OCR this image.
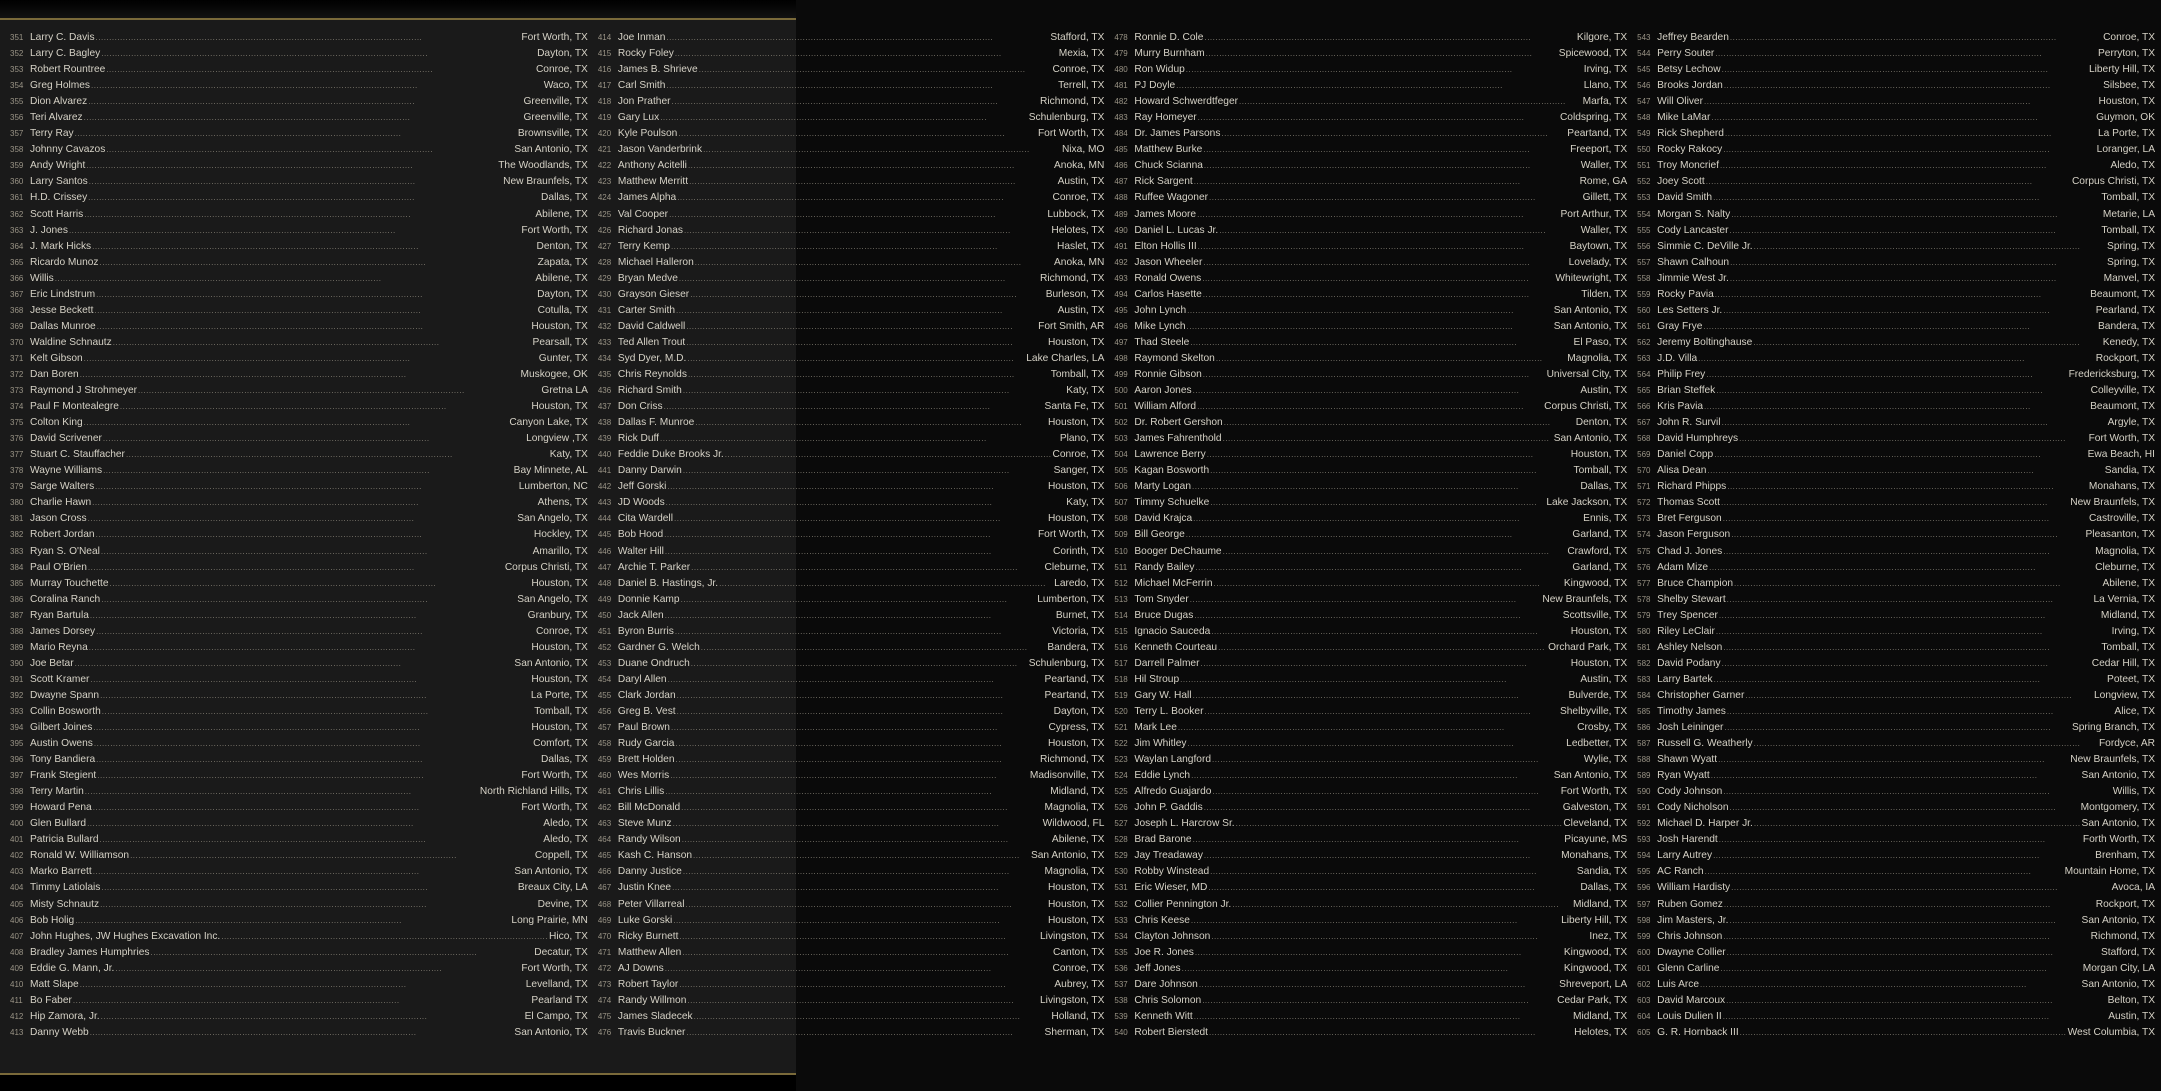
351 Larry C. Davis .....	Fort Worth, TX
352 Larry C. Bagley .....	Dayton, TX
353 Robert Rountree .....	Conroe, TX
354 Greg Holmes .....	Waco, TX
355 Dion Alvarez .....	Greenville, TX
356 Teri Alvarez .....	Greenville, TX
357 Terry Ray .....	Brownsville, TX
358 Johnny Cavazos .....	San Antonio, TX
359 Andy Wright .....	The Woodlands, TX
360 Larry Santos .....	New Braunfels, TX
361 H.D. Crissey .....	Dallas, TX
362 Scott Harris .....	Abilene, TX
363 J. Jones .....	Fort Worth, TX
364 J. Mark Hicks .....	Denton, TX
365 Ricardo Munoz .....	Zapata, TX
366 Willis .....	Abilene, TX
367 Eric Lindstrum .....	Dayton, TX
368 Jesse Beckett .....	Cotulla, TX
369 Dallas Munroe .....	Houston, TX
370 Waldine Schnautz .....	Pearsall, TX
371 Kelt Gibson .....	Gunter, TX
372 Dan Boren .....	Muskogee, OK
373 Raymond J Strohmeyer .....	Gretna LA
374 Paul F Montealegre .....	Houston, TX
375 Colton King .....	Canyon Lake, TX
376 David Scrivener .....	Longview ,TX
377 Stuart C. Stauffacher .....	Katy, TX
378 Wayne Williams .....	Bay Minnete, AL
379 Sarge Walters .....	Lumberton, NC
380 Charlie Hawn .....	Athens, TX
381 Jason Cross .....	San Angelo, TX
382 Robert Jordan .....	Hockley, TX
383 Ryan S. O'Neal .....	Amarillo, TX
384 Paul O'Brien .....	Corpus Christi, TX
385 Murray Touchette .....	Houston, TX
386 Coralina Ranch .....	San Angelo, TX
387 Ryan Bartula .....	Granbury, TX
388 James Dorsey .....	Conroe, TX
389 Mario Reyna .....	Houston, TX
390 Joe Betar .....	San Antonio, TX
391 Scott Kramer .....	Houston, TX
392 Dwayne Spann .....	La Porte, TX
393 Collin Bosworth .....	Tomball, TX
394 Gilbert Joines .....	Houston, TX
395 Austin Owens .....	Comfort, TX
396 Tony Bandiera .....	Dallas, TX
397 Frank Stegient .....	Fort Worth, TX
398 Terry Martin .....	North Richland Hills, TX
399 Howard Pena .....	Fort Worth, TX
400 Glen Bullard .....	Aledo, TX
401 Patricia Bullard .....	Aledo, TX
402 Ronald W. Williamson .....	Coppell, TX
403 Marko Barrett .....	San Antonio, TX
404 Timmy Latiolais .....	Breaux City, LA
405 Misty Schnautz .....	Devine, TX
406 Bob Holig .....	Long Prairie, MN
407 John Hughes, JW Hughes Excavation Inc. .....	Hico, TX
408 Bradley James Humphries .....	Decatur, TX
409 Eddie G. Mann, Jr. .....	Fort Worth, TX
410 Matt Slape .....	Levelland, TX
411 Bo Faber .....	Pearland TX
412 Hip Zamora, Jr. .....	El Campo, TX
413 Danny Webb .....	San Antonio, TX
414 Joe Inman .....	Stafford, TX
415 Rocky Foley .....	Mexia, TX
416 James B. Shrieve .....	Conroe, TX
417 Carl Smith .....	Terrell, TX
418 Jon Prather .....	Richmond, TX
419 Gary Lux .....	Schulenburg, TX
420 Kyle Poulson .....	Fort Worth, TX
421 Jason Vanderbrink .....	Nixa, MO
422 Anthony Acitelli .....	Anoka, MN
423 Matthew Merritt .....	Austin, TX
424 James Alpha .....	Conroe, TX
425 Val Cooper .....	Lubbock, TX
426 Richard Jonas .....	Helotes, TX
427 Terry Kemp .....	Haslet, TX
428 Michael Halleron .....	Anoka, MN
429 Bryan Medve .....	Richmond, TX
430 Grayson Gieser .....	Burleson, TX
431 Carter Smith .....	Austin, TX
432 David Caldwell .....	Fort Smith, AR
433 Ted Allen Trout .....	Houston, TX
434 Syd Dyer, M.D. .....	Lake Charles, LA
435 Chris Reynolds .....	Tomball, TX
436 Richard Smith .....	Katy, TX
437 Don Criss .....	Santa Fe, TX
438 Dallas F. Munroe .....	Houston, TX
439 Rick Duff .....	Plano, TX
440 Feddie Duke Brooks Jr. .....	Conroe, TX
441 Danny Darwin .....	Sanger, TX
442 Jeff Gorski .....	Houston, TX
443 JD Woods .....	Katy, TX
444 Cita Wardell .....	Houston, TX
445 Bob Hood .....	Fort Worth, TX
446 Walter Hill .....	Corinth, TX
447 Archie T. Parker .....	Cleburne, TX
448 Daniel B. Hastings, Jr. .....	Laredo, TX
449 Donnie Kamp .....	Lumberton, TX
450 Jack Allen .....	Burnet, TX
451 Byron Burris .....	Victoria, TX
452 Gardner G. Welch .....	Bandera, TX
453 Duane Ondruch .....	Schulenburg, TX
454 Daryl Allen .....	Peartand, TX
455 Clark Jordan .....	Peartand, TX
456 Greg B. Vest .....	Dayton, TX
457 Paul Brown .....	Cypress, TX
458 Rudy Garcia .....	Houston, TX
459 Brett Holden .....	Richmond, TX
460 Wes Morris .....	Madisonville, TX
461 Chris Lillis .....	Midland, TX
462 Bill McDonald .....	Magnolia, TX
463 Steve Munz .....	Wildwood, FL
464 Randy Wilson .....	Abilene, TX
465 Kash C. Hanson .....	San Antonio, TX
466 Danny Justice .....	Magnolia, TX
467 Justin Knee .....	Houston, TX
468 Peter Villarreal .....	Houston, TX
469 Luke Gorski .....	Houston, TX
470 Ricky Burnett .....	Livingston, TX
471 Matthew Allen .....	Canton, TX
472 AJ Downs .....	Conroe, TX
473 Robert Taylor .....	Aubrey, TX
474 Randy Willmon .....	Livingston, TX
475 James Sladecek .....	Holland, TX
476 Travis Buckner .....	Sherman, TX
478 Ronnie D. Cole .....	Kilgore, TX
479 Murry Burnham .....	Spicewood, TX
480 Ron Widup .....	Irving, TX
481 PJ Doyle .....	Llano, TX
482 Howard Schwerdtfeger .....	Marfa, TX
483 Ray Homeyer .....	Coldspring, TX
484 Dr. James Parsons .....	Peartand, TX
485 Matthew Burke .....	Freeport, TX
486 Chuck Scianna .....	Waller, TX
487 Rick Sargent .....	Rome, GA
488 Ruffee Wagoner .....	Gillett, TX
489 James Moore .....	Port Arthur, TX
490 Daniel L. Lucas Jr. .....	Waller, TX
491 Elton Hollis III .....	Baytown, TX
492 Jason Wheeler .....	Lovelady, TX
493 Ronald Owens .....	Whitewright, TX
494 Carlos Hasette .....	Tilden, TX
495 John Lynch .....	San Antonio, TX
496 Mike Lynch .....	San Antonio, TX
497 Thad Steele .....	El Paso, TX
498 Raymond Skelton .....	Magnolia, TX
499 Ronnie Gibson .....	Universal City, TX
500 Aaron Jones .....	Austin, TX
501 William Alford .....	Corpus Christi, TX
502 Dr. Robert Gershon .....	Denton, TX
503 James Fahrenthold .....	San Antonio, TX
504 Lawrence Berry .....	Houston, TX
505 Kagan Bosworth .....	Tomball, TX
506 Marty Logan .....	Dallas, TX
507 Timmy Schuelke .....	Lake Jackson, TX
508 David Krajca .....	Ennis, TX
509 Bill George .....	Garland, TX
510 Booger DeChaume .....	Crawford, TX
511 Randy Bailey .....	Garland, TX
512 Michael McFerrin .....	Kingwood, TX
513 Tom Snyder .....	New Braunfels, TX
514 Bruce Dugas .....	Scottsville, TX
515 Ignacio Sauceda .....	Houston, TX
516 Kenneth Courteau .....	Orchard Park, TX
517 Darrell Palmer .....	Houston, TX
518 Hil Stroup .....	Austin, TX
519 Gary W. Hall .....	Bulverde, TX
520 Terry L. Booker .....	Shelbyville, TX
521 Mark Lee .....	Crosby, TX
522 Jim Whitley .....	Ledbetter, TX
523 Waylan Langford .....	Wylie, TX
524 Eddie Lynch .....	San Antonio, TX
525 Alfredo Guajardo .....	Fort Worth, TX
526 John P. Gaddis .....	Galveston, TX
527 Joseph L. Harcrow Sr. .....	Cleveland, TX
528 Brad Barone .....	Picayune, MS
529 Jay Treadaway .....	Monahans, TX
530 Robby Winstead .....	Sandia, TX
531 Eric Wieser, MD .....	Dallas, TX
532 Collier Pennington Jr. .....	Midland, TX
533 Chris Keese .....	Liberty Hill, TX
534 Clayton Johnson .....	Inez, TX
535 Joe R. Jones .....	Kingwood, TX
536 Jeff Jones .....	Kingwood, TX
537 Dare Johnson .....	Shreveport, LA
538 Chris Solomon .....	Cedar Park, TX
539 Kenneth Witt .....	Midland, TX
540 Robert Bierstedt .....	Helotes, TX
543 Jeffrey Bearden .....	Conroe, TX
544 Perry Souter .....	Perryton, TX
545 Betsy Lechow .....	Liberty Hill, TX
546 Brooks Jordan .....	Silsbee, TX
547 Will Oliver .....	Houston, TX
548 Mike LaMar .....	Guymon, OK
549 Rick Shepherd .....	La Porte, TX
550 Rocky Rakocy .....	Loranger, LA
551 Troy Moncrief .....	Aledo, TX
552 Joey Scott .....	Corpus Christi, TX
553 David Smith .....	Tomball, TX
554 Morgan S. Nalty .....	Metarie, LA
555 Cody Lancaster .....	Tomball, TX
556 Simmie C. DeVille Jr. .....	Spring, TX
557 Shawn Calhoun .....	Spring, TX
558 Jimmie West Jr. .....	Manvel, TX
559 Rocky Pavia .....	Beaumont, TX
560 Les Setters Jr. .....	Pearland, TX
561 Gray Frye .....	Bandera, TX
562 Jeremy Boltinghause .....	Kenedy, TX
563 J.D. Villa .....	Rockport, TX
564 Philip Frey .....	Fredericksburg, TX
565 Brian Steffek .....	Colleyville, TX
566 Kris Pavia .....	Beaumont, TX
567 John R. Survil .....	Argyle, TX
568 David Humphreys .....	Fort Worth, TX
569 Daniel Copp .....	Ewa Beach, HI
570 Alisa Dean .....	Sandia, TX
571 Richard Phipps .....	Monahans, TX
572 Thomas Scott .....	New Braunfels, TX
573 Bret Ferguson .....	Castroville, TX
574 Jason Ferguson .....	Pleasanton, TX
575 Chad J. Jones .....	Magnolia, TX
576 Adam Mize .....	Cleburne, TX
577 Bruce Champion .....	Abilene, TX
578 Shelby Stewart .....	La Vernia, TX
579 Trey Spencer .....	Midland, TX
580 Riley LeClair .....	Irving, TX
581 Ashley Nelson .....	Tomball, TX
582 David Podany .....	Cedar Hill, TX
583 Larry Bartek .....	Poteet, TX
584 Christopher Garner .....	Longview, TX
585 Timothy James .....	Alice, TX
586 Josh Leininger .....	Spring Branch, TX
587 Russell G. Weatherly .....	Fordyce, AR
588 Shawn Wyatt .....	New Braunfels, TX
589 Ryan Wyatt .....	San Antonio, TX
590 Cody Johnson .....	Willis, TX
591 Cody Nicholson .....	Montgomery, TX
592 Michael D. Harper Jr. .....	San Antonio, TX
593 Josh Harendt .....	Forth Worth, TX
594 Larry Autrey .....	Brenham, TX
595 AC Ranch .....	Mountain Home, TX
596 William Hardisty .....	Avoca, IA
597 Ruben Gomez .....	Rockport, TX
598 Jim Masters, Jr. .....	San Antonio, TX
599 Chris Johnson .....	Richmond, TX
600 Dwayne Collier .....	Stafford, TX
601 Glenn Carline .....	Morgan City, LA
602 Luis Arce .....	San Antonio, TX
603 David Marcoux .....	Belton, TX
604 Louis Dulien II .....	Austin, TX
605 G. R. Hornback III .....	West Columbia, TX
